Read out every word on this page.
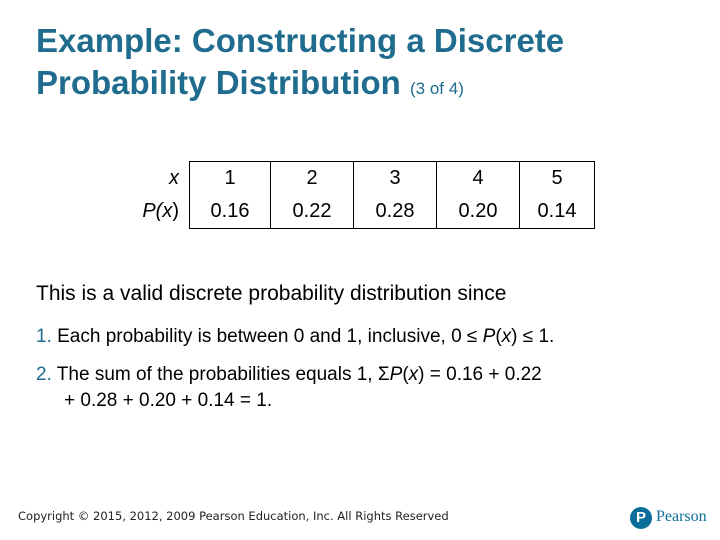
Example: Constructing a Discrete
Probability Distribution (3 of 4)
x	1	2	3	4	5
P(x)	0.16	0.22	0.28	0.20	0.14
This is a valid discrete probability distribution since
1. Each probability is between 0 and 1, inclusive, 0 ≤ P(x) ≤ 1.
2. The sum of the probabilities equals 1, ΣP(x) = 0.16 + 0.22
+ 0.28 + 0.20 + 0.14 = 1.
Copyright © 2015, 2012, 2009 Pearson Education, Inc. All Rights Reserved	P Pearson
